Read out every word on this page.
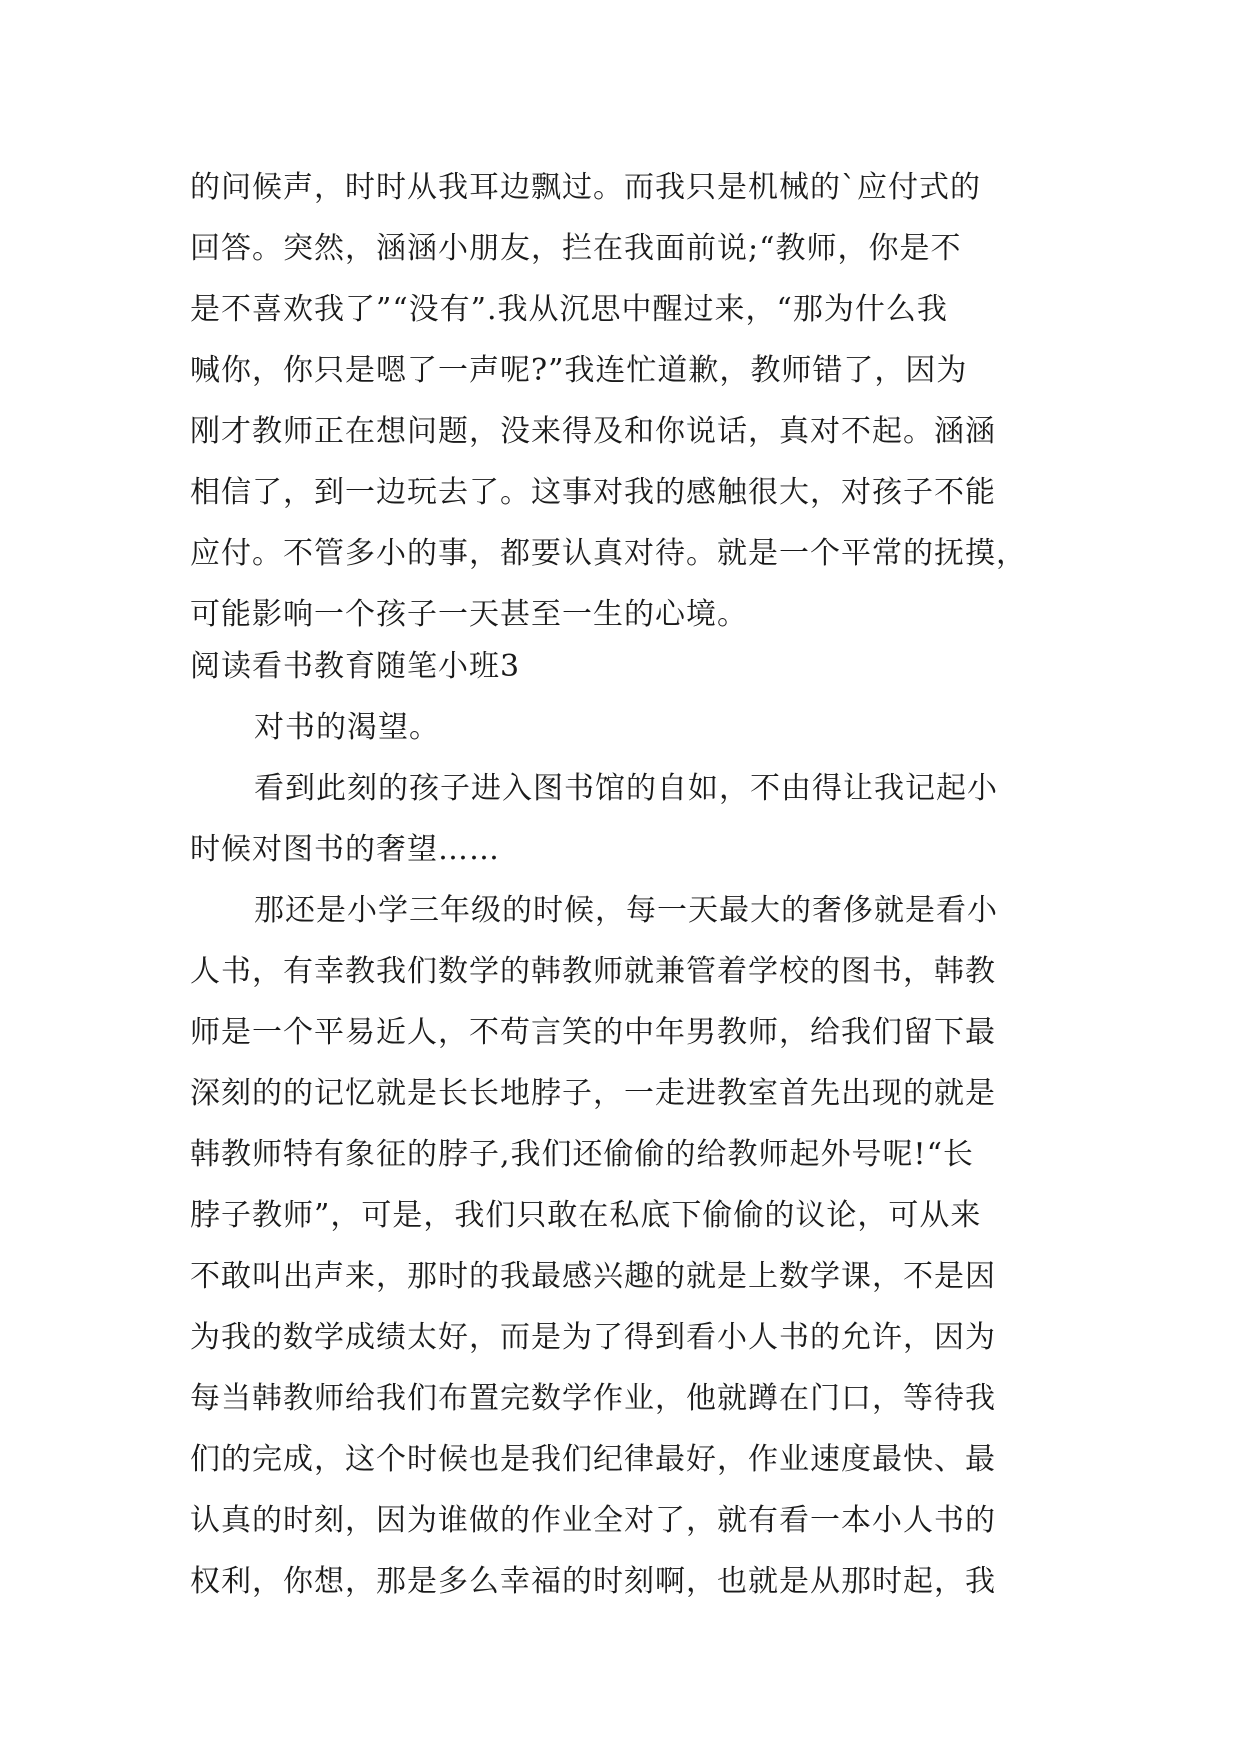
的问候声，时时从我耳边飘过。而我只是机械的`应付式的
回答。突然，涵涵小朋友，拦在我面前说;“教师，你是不
是不喜欢我了”“没有”.我从沉思中醒过来，“那为什么我
喊你，你只是嗯了一声呢?”我连忙道歉，教师错了，因为
刚才教师正在想问题，没来得及和你说话，真对不起。涵涵
相信了，到一边玩去了。这事对我的感触很大，对孩子不能
应付。不管多小的事，都要认真对待。就是一个平常的抚摸，
可能影响一个孩子一天甚至一生的心境。
阅读看书教育随笔小班3
对书的渴望。
看到此刻的孩子进入图书馆的自如，不由得让我记起小
时候对图书的奢望……
那还是小学三年级的时候，每一天最大的奢侈就是看小
人书，有幸教我们数学的韩教师就兼管着学校的图书，韩教
师是一个平易近人，不苟言笑的中年男教师，给我们留下最
深刻的的记忆就是长长地脖子，一走进教室首先出现的就是
韩教师特有象征的脖子,我们还偷偷的给教师起外号呢!“长
脖子教师”，可是，我们只敢在私底下偷偷的议论，可从来
不敢叫出声来，那时的我最感兴趣的就是上数学课，不是因
为我的数学成绩太好，而是为了得到看小人书的允许，因为
每当韩教师给我们布置完数学作业，他就蹲在门口，等待我
们的完成，这个时候也是我们纪律最好，作业速度最快、最
认真的时刻，因为谁做的作业全对了，就有看一本小人书的
权利，你想，那是多么幸福的时刻啊，也就是从那时起，我
